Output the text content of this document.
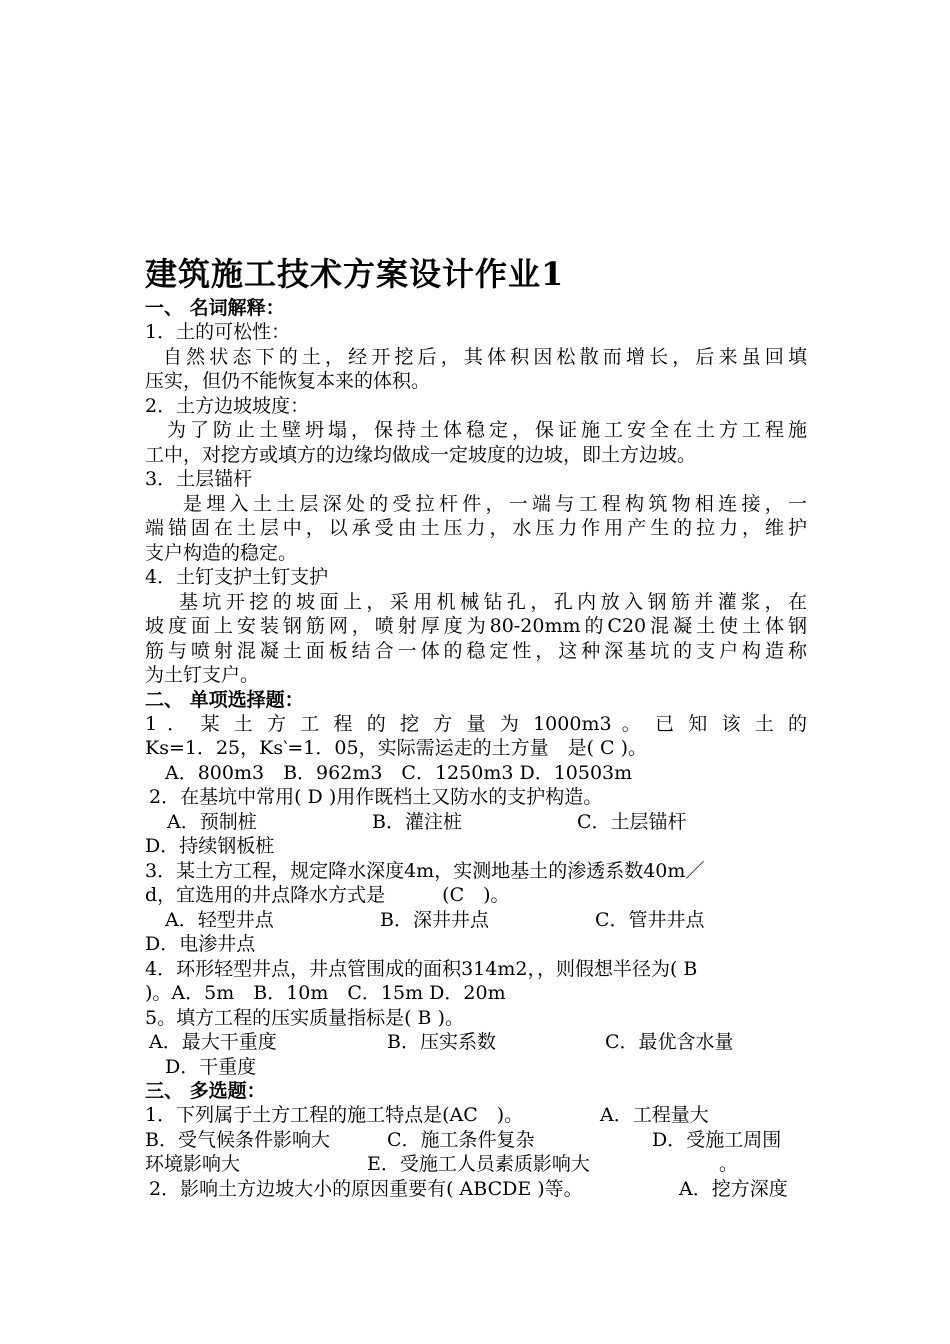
建筑施工技术方案设计作业1
一、 名词解释：
1．土的可松性：
自然状态下的土，经开挖后，其体积因松散而增长，后来虽回填
压实，但仍不能恢复本来的体积。
2．土方边坡坡度：
为了防止土壁坍塌，保持土体稳定，保证施工安全在土方工程施
工中，对挖方或填方的边缘均做成一定坡度的边坡，即土方边坡。
3．土层锚杆
是埋入土土层深处的受拉杆件，一端与工程构筑物相连接，一
端锚固在土层中，以承受由土压力，水压力作用产生的拉力，维护
支户构造的稳定。
4．土钉支护土钉支护
基坑开挖的坡面上，采用机械钻孔，孔内放入钢筋并灌浆，在
坡度面上安装钢筋网，喷射厚度为80-20mm的C20混凝土使土体钢
筋与喷射混凝土面板结合一体的稳定性，这种深基坑的支户构造称
为土钉支户。
二、 单项选择题：
1 ． 某 土 方 工 程 的 挖 方 量 为 1000m3 。 已 知 该 土 的
Ks=1．25，Ks‵=1．05，实际需运走的土方量　是( C )。
A．800m3　B．962m3　C．1250m3 D．10503m
2．在基坑中常用( D )用作既档土又防水的支护构造。
A．预制桩	B．灌注桩	C．土层锚杆
D．持续钢板桩
3．某土方工程，规定降水深度4m，实测地基土的渗透系数40m／
d，宜选用的井点降水方式是　　　(C　)。
A．轻型井点	B．深井井点	C．管井井点
D．电渗井点
4．环形轻型井点，井点管围成的面积314m2，，则假想半径为( B
)。A．5m　B．10m　C．15m D．20m
5。填方工程的压实质量指标是( B )。
A．最大干重度	B．压实系数	C．最优含水量
D．干重度
三、 多选题：
1．下列属于土方工程的施工特点是(AC　)。	A．工程量大
B．受气候条件影响大	C．施工条件复杂	D．受施工周围
环境影响大	E．受施工人员素质影响大	。
2．影响土方边坡大小的原因重要有( ABCDE )等。	A．挖方深度
